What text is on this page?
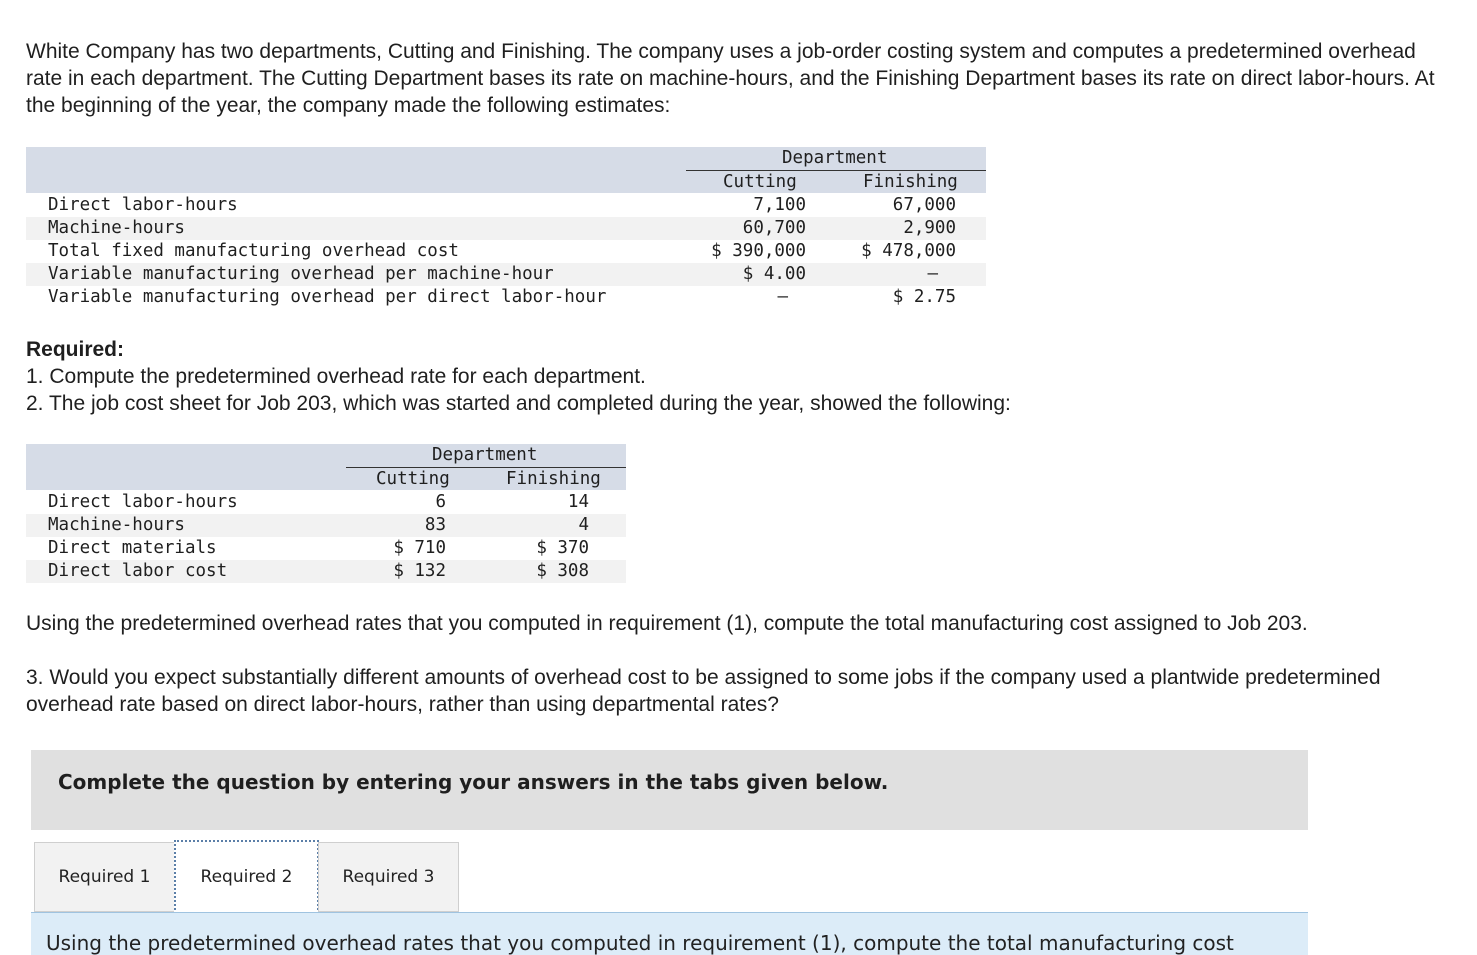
White Company has two departments, Cutting and Finishing. The company uses a job-order costing system and computes a predetermined overhead rate in each department. The Cutting Department bases its rate on machine-hours, and the Finishing Department bases its rate on direct labor-hours. At the beginning of the year, the company made the following estimates:

Department
Cutting	Finishing
Direct labor-hours	7,100	67,000
Machine-hours	60,700	2,900
Total fixed manufacturing overhead cost	$ 390,000	$ 478,000
Variable manufacturing overhead per machine-hour	$ 4.00	–
Variable manufacturing overhead per direct labor-hour	–	$ 2.75
Required:

1. Compute the predetermined overhead rate for each department.

2. The job cost sheet for Job 203, which was started and completed during the year, showed the following:

Department
Cutting	Finishing
Direct labor-hours	6	14
Machine-hours	83	4
Direct materials	$ 710	$ 370
Direct labor cost	$ 132	$ 308

Using the predetermined overhead rates that you computed in requirement (1), compute the total manufacturing cost assigned to Job 203.

3. Would you expect substantially different amounts of overhead cost to be assigned to some jobs if the company used a plantwide predetermined overhead rate based on direct labor-hours, rather than using departmental rates?

Complete the question by entering your answers in the tabs given below.
Required 1	Required 2	Required 3
Using the predetermined overhead rates that you computed in requirement (1), compute the total manufacturing cost
